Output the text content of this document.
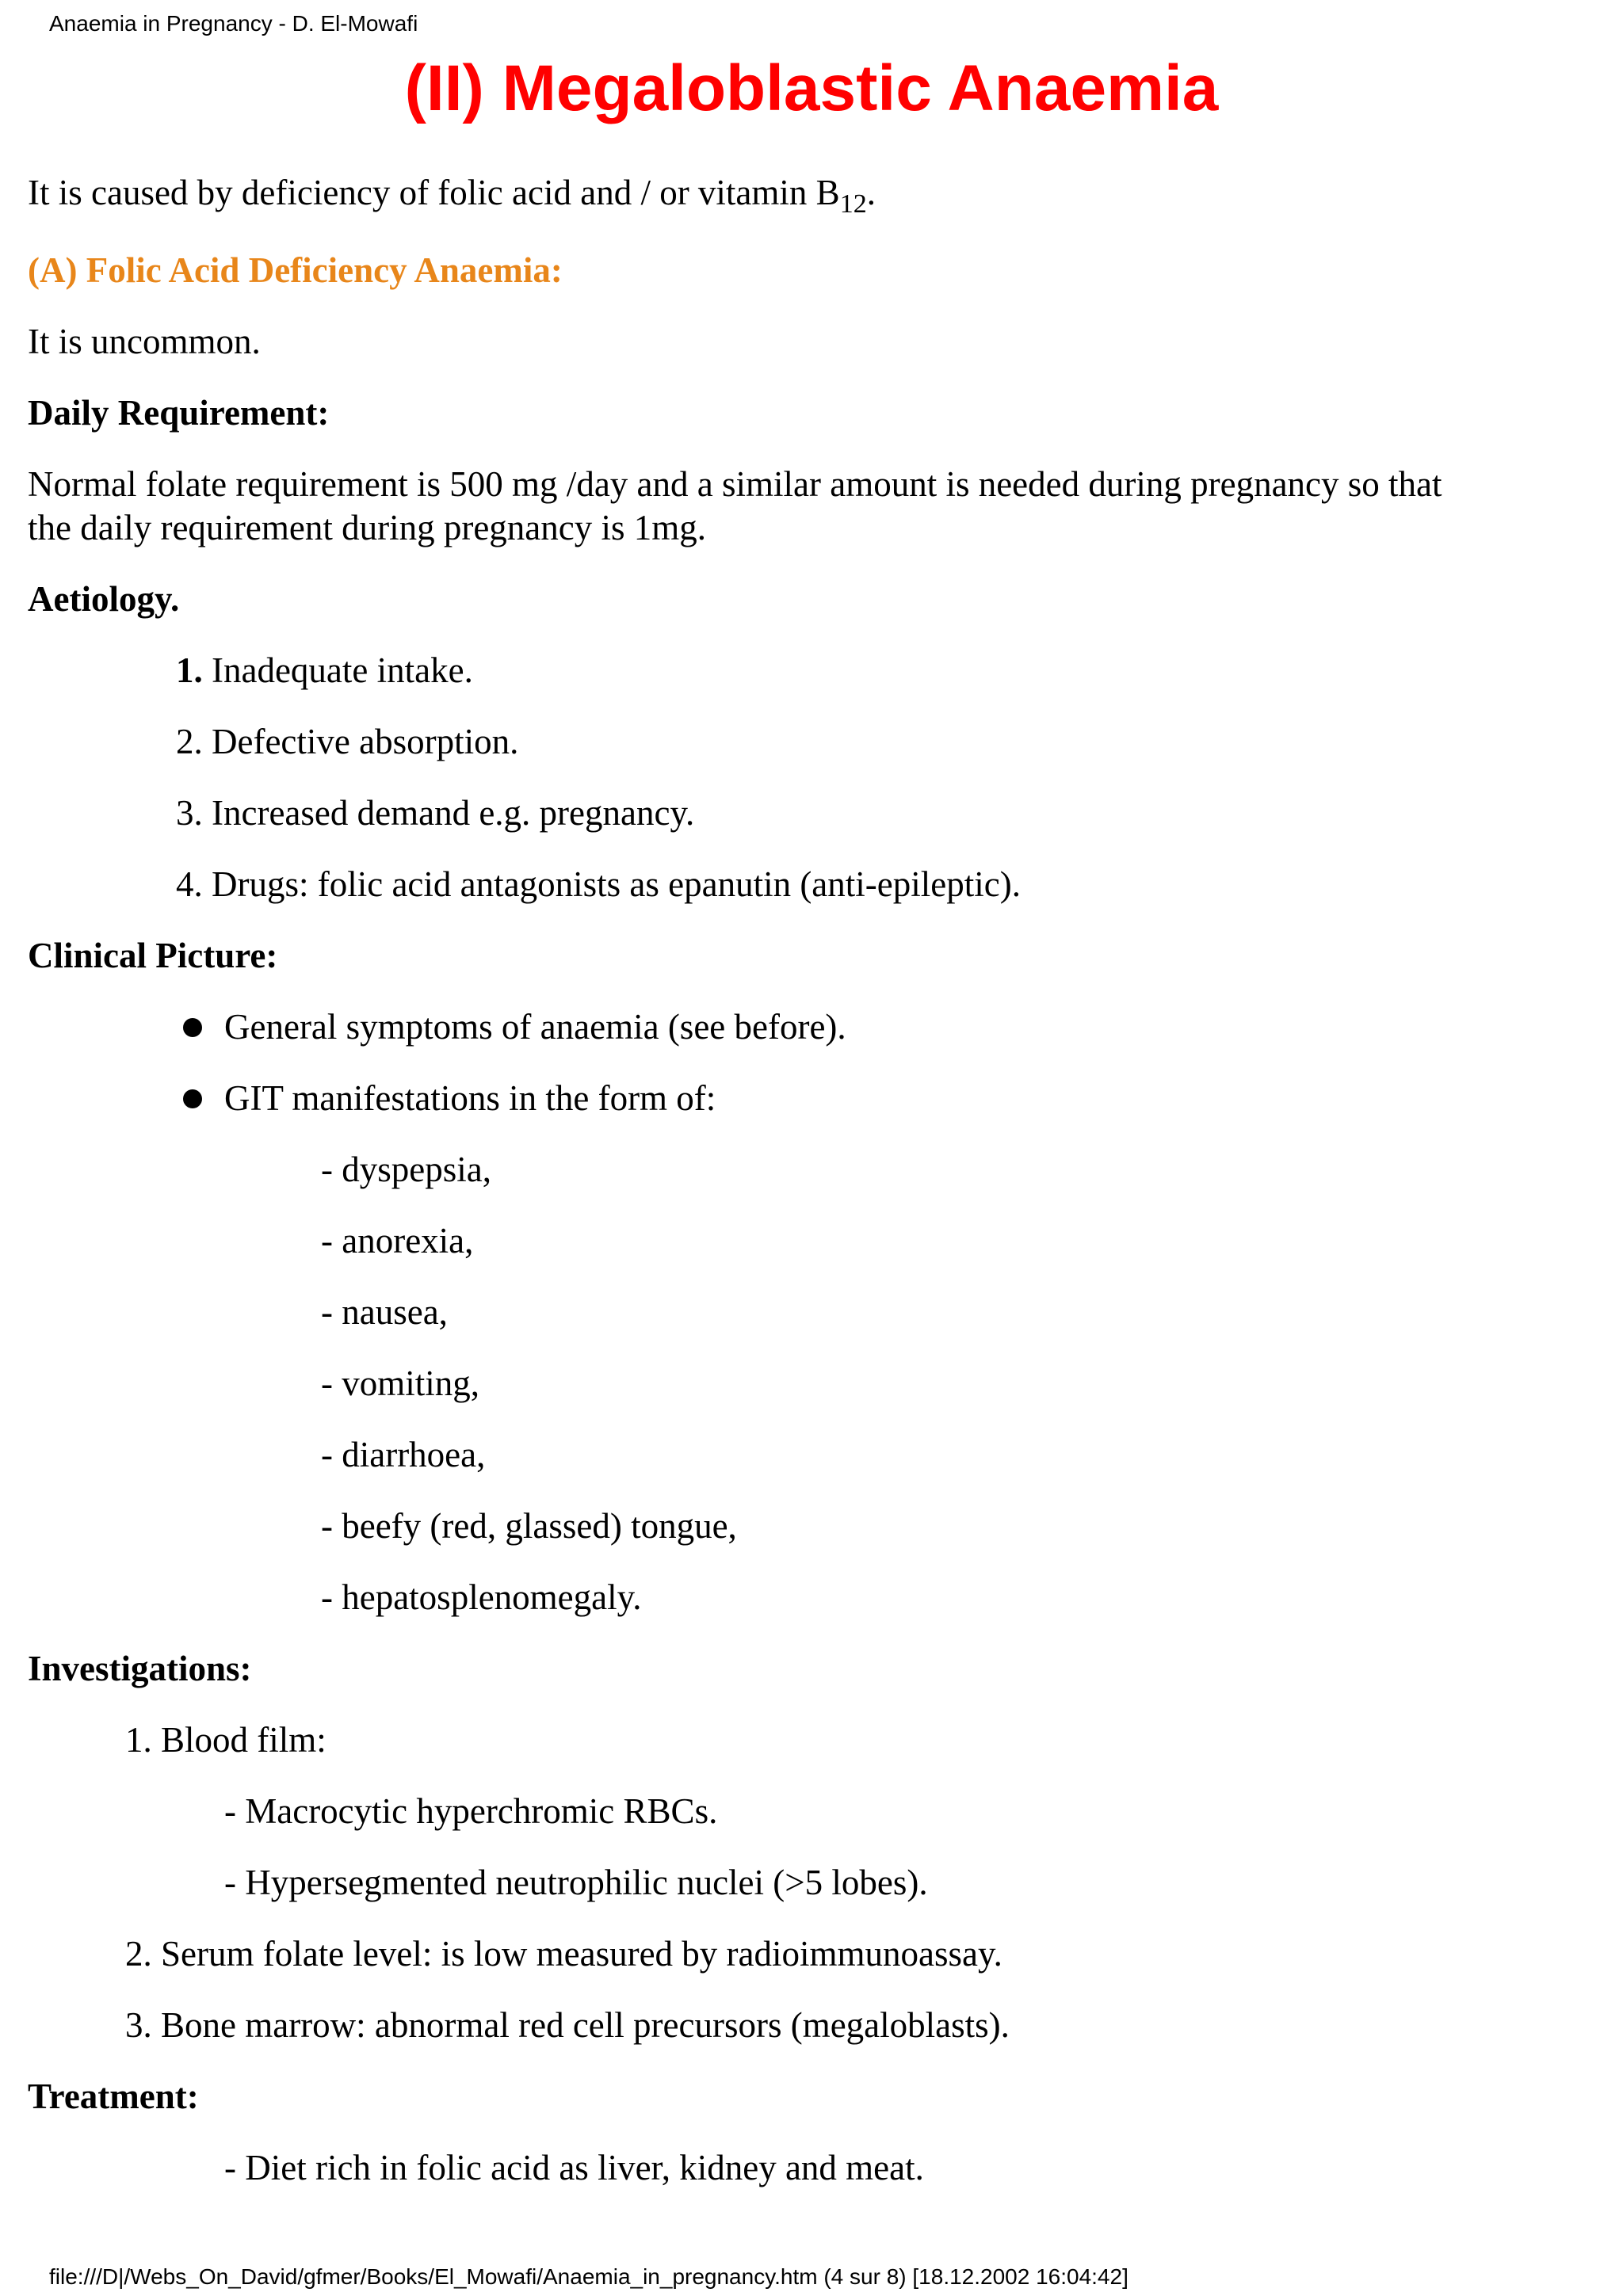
Anaemia in Pregnancy - D. El-Mowafi
(II) Megaloblastic Anaemia

It is caused by deficiency of folic acid and / or vitamin $B_{12}$.

(A) Folic Acid Deficiency Anaemia:

It is uncommon.

Daily Requirement:

Normal folate requirement is 500 mg /day and a similar amount is needed during pregnancy so that

the daily requirement during pregnancy is 1mg.

Aetiology.

1. Inadequate intake.

2. Defective absorption.

3. Increased demand e.g. pregnancy.

4. Drugs: folic acid antagonists as epanutin (anti-epileptic).

Clinical Picture:

General symptoms of anaemia (see before).

GIT manifestations in the form of:

- dyspepsia,

- anorexia,

- nausea,

- vomiting,

- diarrhoea,

- beefy (red, glassed) tongue,

- hepatosplenomegaly.

Investigations:

1. Blood film:

- Macrocytic hyperchromic RBCs.

- Hypersegmented neutrophilic nuclei (>5 lobes).

2. Serum folate level: is low measured by radioimmunoassay.

3. Bone marrow: abnormal red cell precursors (megaloblasts).

Treatment:

- Diet rich in folic acid as liver, kidney and meat.

file:///D|/Webs_On_David/gfmer/Books/El_Mowafi/Anaemia_in_pregnancy.htm (4 sur 8) [18.12.2002 16:04:42]
